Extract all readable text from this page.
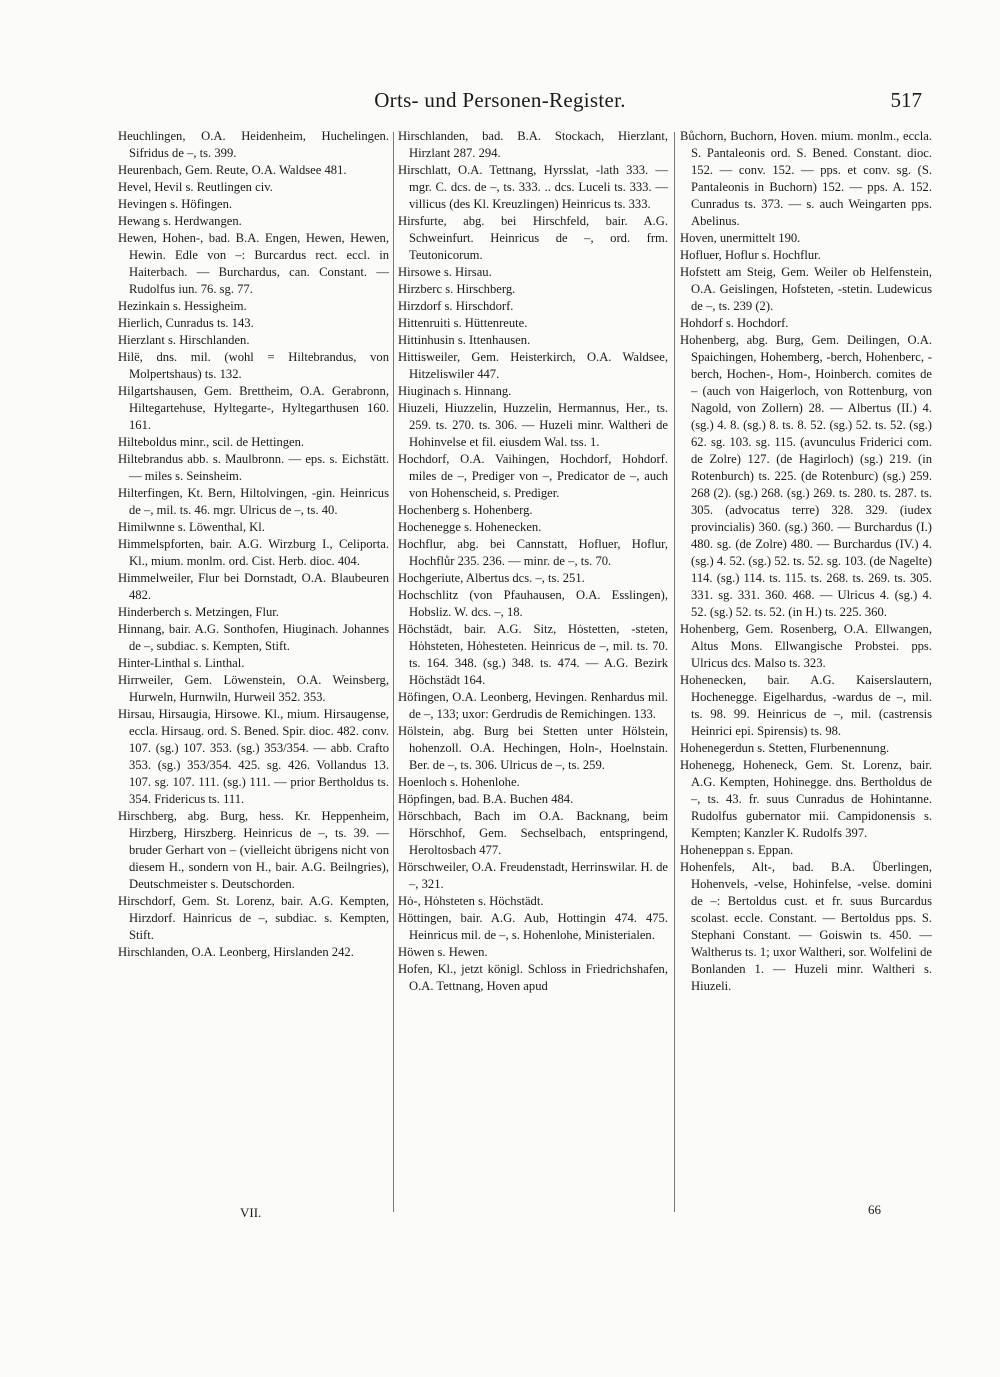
Orts- und Personen-Register.	517

Heuchlingen, O.A. Heidenheim, Huchelingen. Sifridus de –, ts. 399.

Heurenbach, Gem. Reute, O.A. Waldsee 481.

Hevel, Hevil s. Reutlingen civ.

Hevingen s. Höfingen.

Hewang s. Herdwangen.

Hewen, Hohen-, bad. B.A. Engen, Hewen, Hewen, Hewin. Edle von –: Burcardus rect. eccl. in Haiterbach. — Burchardus, can. Constant. — Rudolfus iun. 76. sg. 77.

Hezinkain s. Hessigheim.

Hierlich, Cunradus ts. 143.

Hierzlant s. Hirschlanden.

Hilë, dns. mil. (wohl = Hiltebrandus, von Molpertshaus) ts. 132.

Hilgartshausen, Gem. Brettheim, O.A. Gerabronn, Hiltegartehuse, Hyltegarte-, Hyltegarthusen 160. 161.

Hilteboldus minr., scil. de Hettingen.

Hiltebrandus abb. s. Maulbronn. — eps. s. Eichstätt. — miles s. Seinsheim.

Hilterfingen, Kt. Bern, Hiltolvingen, -gin. Heinricus de –, mil. ts. 46. mgr. Ulricus de –, ts. 40.

Himilwnne s. Löwenthal, Kl.

Himmelspforten, bair. A.G. Wirzburg I., Celiporta. Kl., mium. monlm. ord. Cist. Herb. dioc. 404.

Himmelweiler, Flur bei Dornstadt, O.A. Blaubeuren 482.

Hinderberch s. Metzingen, Flur.

Hinnang, bair. A.G. Sonthofen, Hiuginach. Johannes de –, subdiac. s. Kempten, Stift.

Hinter-Linthal s. Linthal.

Hirrweiler, Gem. Löwenstein, O.A. Weinsberg, Hurweln, Hurnwiln, Hurweil 352. 353.

Hirsau, Hirsaugia, Hirsowe. Kl., mium. Hirsaugense, eccla. Hirsaug. ord. S. Bened. Spir. dioc. 482. conv. 107. (sg.) 107. 353. (sg.) 353/354. — abb. Crafto 353. (sg.) 353/354. 425. sg. 426. Vollandus 13. 107. sg. 107. 111. (sg.) 111. — prior Bertholdus ts. 354. Fridericus ts. 111.

Hirschberg, abg. Burg, hess. Kr. Heppenheim, Hirzberg, Hirszberg. Heinricus de –, ts. 39. — bruder Gerhart von – (vielleicht übrigens nicht von diesem H., sondern von H., bair. A.G. Beilngries), Deutschmeister s. Deutschorden.

Hirschdorf, Gem. St. Lorenz, bair. A.G. Kempten, Hirzdorf. Hainricus de –, subdiac. s. Kempten, Stift.

Hirschlanden, O.A. Leonberg, Hirslanden 242.

Hirschlanden, bad. B.A. Stockach, Hierzlant, Hirzlant 287. 294.

Hirschlatt, O.A. Tettnang, Hyrsslat, -lath 333. — mgr. C. dcs. de –, ts. 333. .. dcs. Luceli ts. 333. — villicus (des Kl. Kreuzlingen) Heinricus ts. 333.

Hirsfurte, abg. bei Hirschfeld, bair. A.G. Schweinfurt. Heinricus de –, ord. frm. Teutonicorum.

Hirsowe s. Hirsau.

Hirzberc s. Hirschberg.

Hirzdorf s. Hirschdorf.

Hittenruiti s. Hüttenreute.

Hittinhusin s. Ittenhausen.

Hittisweiler, Gem. Heisterkirch, O.A. Waldsee, Hitzeliswiler 447.

Hiuginach s. Hinnang.

Hiuzeli, Hiuzzelin, Huzzelin, Hermannus, Her., ts. 259. ts. 270. ts. 306. — Huzeli minr. Waltheri de Hohinvelse et fil. eiusdem Wal. tss. 1.

Hochdorf, O.A. Vaihingen, Hochdorf, Hohdorf. miles de –, Prediger von –, Predicator de –, auch von Hohenscheid, s. Prediger.

Hochenberg s. Hohenberg.

Hochenegge s. Hohenecken.

Hochflur, abg. bei Cannstatt, Hofluer, Hoflur, Hochflůr 235. 236. — minr. de –, ts. 70.

Hochgeriute, Albertus dcs. –, ts. 251.

Hochschlitz (von Pfauhausen, O.A. Esslingen), Hobsliz. W. dcs. –, 18.

Höchstädt, bair. A.G. Sitz, Hȯstetten, -steten, Hȯhsteten, Hȯhesteten. Heinricus de –, mil. ts. 70. ts. 164. 348. (sg.) 348. ts. 474. — A.G. Bezirk Höchstädt 164.

Höfingen, O.A. Leonberg, Hevingen. Renhardus mil. de –, 133; uxor: Gerdrudis de Remichingen. 133.

Hölstein, abg. Burg bei Stetten unter Hölstein, hohenzoll. O.A. Hechingen, Holn-, Hoelnstain. Ber. de –, ts. 306. Ulricus de –, ts. 259.

Hoenloch s. Hohenlohe.

Höpfingen, bad. B.A. Buchen 484.

Hörschbach, Bach im O.A. Backnang, beim Hörschhof, Gem. Sechselbach, entspringend, Heroltosbach 477.

Hörschweiler, O.A. Freudenstadt, Herrinswilar. H. de –, 321.

Hȯ-, Hȯhsteten s. Höchstädt.

Höttingen, bair. A.G. Aub, Hottingin 474. 475. Heinricus mil. de –, s. Hohenlohe, Ministerialen.

Höwen s. Hewen.

Hofen, Kl., jetzt königl. Schloss in Friedrichshafen, O.A. Tettnang, Hoven apud

Bůchorn, Buchorn, Hoven. mium. monlm., eccla. S. Pantaleonis ord. S. Bened. Constant. dioc. 152. — conv. 152. — pps. et conv. sg. (S. Pantaleonis in Buchorn) 152. — pps. A. 152. Cunradus ts. 373. — s. auch Weingarten pps. Abelinus.

Hoven, unermittelt 190.

Hofluer, Hoflur s. Hochflur.

Hofstett am Steig, Gem. Weiler ob Helfenstein, O.A. Geislingen, Hofsteten, -stetin. Ludewicus de –, ts. 239 (2).

Hohdorf s. Hochdorf.

Hohenberg, abg. Burg, Gem. Deilingen, O.A. Spaichingen, Hohemberg, -berch, Hohenberc, -berch, Hochen-, Hom-, Hoinberch. comites de – (auch von Haigerloch, von Rottenburg, von Nagold, von Zollern) 28. — Albertus (II.) 4. (sg.) 4. 8. (sg.) 8. ts. 8. 52. (sg.) 52. ts. 52. (sg.) 62. sg. 103. sg. 115. (avunculus Friderici com. de Zolre) 127. (de Hagirloch) (sg.) 219. (in Rotenburch) ts. 225. (de Rotenburc) (sg.) 259. 268 (2). (sg.) 268. (sg.) 269. ts. 280. ts. 287. ts. 305. (advocatus terre) 328. 329. (iudex provincialis) 360. (sg.) 360. — Burchardus (I.) 480. sg. (de Zolre) 480. — Burchardus (IV.) 4. (sg.) 4. 52. (sg.) 52. ts. 52. sg. 103. (de Nagelte) 114. (sg.) 114. ts. 115. ts. 268. ts. 269. ts. 305. 331. sg. 331. 360. 468. — Ulricus 4. (sg.) 4. 52. (sg.) 52. ts. 52. (in H.) ts. 225. 360.

Hohenberg, Gem. Rosenberg, O.A. Ellwangen, Altus Mons. Ellwangische Probstei. pps. Ulricus dcs. Malso ts. 323.

Hohenecken, bair. A.G. Kaiserslautern, Hochenegge. Eigelhardus, -wardus de –, mil. ts. 98. 99. Heinricus de –, mil. (castrensis Heinrici epi. Spirensis) ts. 98.

Hohenegerdun s. Stetten, Flurbenennung.

Hohenegg, Hoheneck, Gem. St. Lorenz, bair. A.G. Kempten, Hohinegge. dns. Bertholdus de –, ts. 43. fr. suus Cunradus de Hohintanne. Rudolfus gubernator mii. Campidonensis s. Kempten; Kanzler K. Rudolfs 397.

Hoheneppan s. Eppan.

Hohenfels, Alt-, bad. B.A. Überlingen, Hohenvels, -velse, Hohinfelse, -velse. domini de –: Bertoldus cust. et fr. suus Burcardus scolast. eccle. Constant. — Bertoldus pps. S. Stephani Constant. — Goiswin ts. 450. — Waltherus ts. 1; uxor Waltheri, sor. Wolfelini de Bonlanden 1. — Huzeli minr. Waltheri s. Hiuzeli.

VII.	66
